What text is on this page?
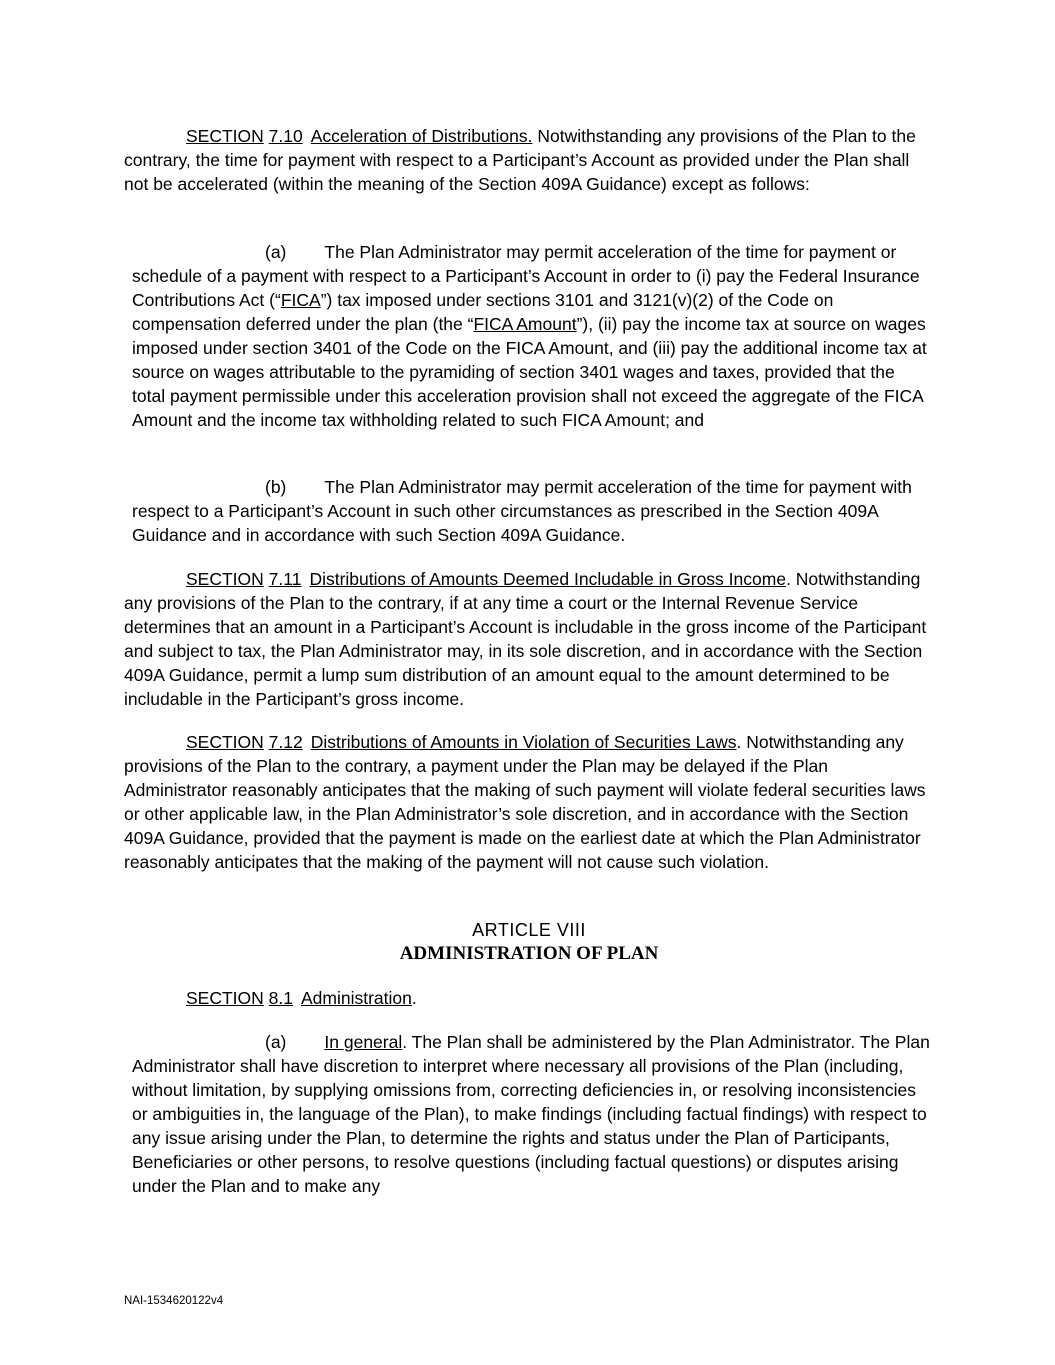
SECTION 7.10 Acceleration of Distributions. Notwithstanding any provisions of the Plan to the contrary, the time for payment with respect to a Participant’s Account as provided under the Plan shall not be accelerated (within the meaning of the Section 409A Guidance) except as follows:

(a) The Plan Administrator may permit acceleration of the time for payment or schedule of a payment with respect to a Participant’s Account in order to (i) pay the Federal Insurance Contributions Act (“FICA”) tax imposed under sections 3101 and 3121(v)(2) of the Code on compensation deferred under the plan (the “FICA Amount”), (ii) pay the income tax at source on wages imposed under section 3401 of the Code on the FICA Amount, and (iii) pay the additional income tax at source on wages attributable to the pyramiding of section 3401 wages and taxes, provided that the total payment permissible under this acceleration provision shall not exceed the aggregate of the FICA Amount and the income tax withholding related to such FICA Amount; and

(b) The Plan Administrator may permit acceleration of the time for payment with respect to a Participant’s Account in such other circumstances as prescribed in the Section 409A Guidance and in accordance with such Section 409A Guidance.

SECTION 7.11 Distributions of Amounts Deemed Includable in Gross Income. Notwithstanding any provisions of the Plan to the contrary, if at any time a court or the Internal Revenue Service determines that an amount in a Participant’s Account is includable in the gross income of the Participant and subject to tax, the Plan Administrator may, in its sole discretion, and in accordance with the Section 409A Guidance, permit a lump sum distribution of an amount equal to the amount determined to be includable in the Participant’s gross income.

SECTION 7.12 Distributions of Amounts in Violation of Securities Laws. Notwithstanding any provisions of the Plan to the contrary, a payment under the Plan may be delayed if the Plan Administrator reasonably anticipates that the making of such payment will violate federal securities laws or other applicable law, in the Plan Administrator’s sole discretion, and in accordance with the Section 409A Guidance, provided that the payment is made on the earliest date at which the Plan Administrator reasonably anticipates that the making of the payment will not cause such violation.

ARTICLE VIII

ADMINISTRATION OF PLAN

SECTION 8.1 Administration.

(a) In general. The Plan shall be administered by the Plan Administrator. The Plan Administrator shall have discretion to interpret where necessary all provisions of the Plan (including, without limitation, by supplying omissions from, correcting deficiencies in, or resolving inconsistencies or ambiguities in, the language of the Plan), to make findings (including factual findings) with respect to any issue arising under the Plan, to determine the rights and status under the Plan of Participants, Beneficiaries or other persons, to resolve questions (including factual questions) or disputes arising under the Plan and to make any

NAI-1534620122v4
